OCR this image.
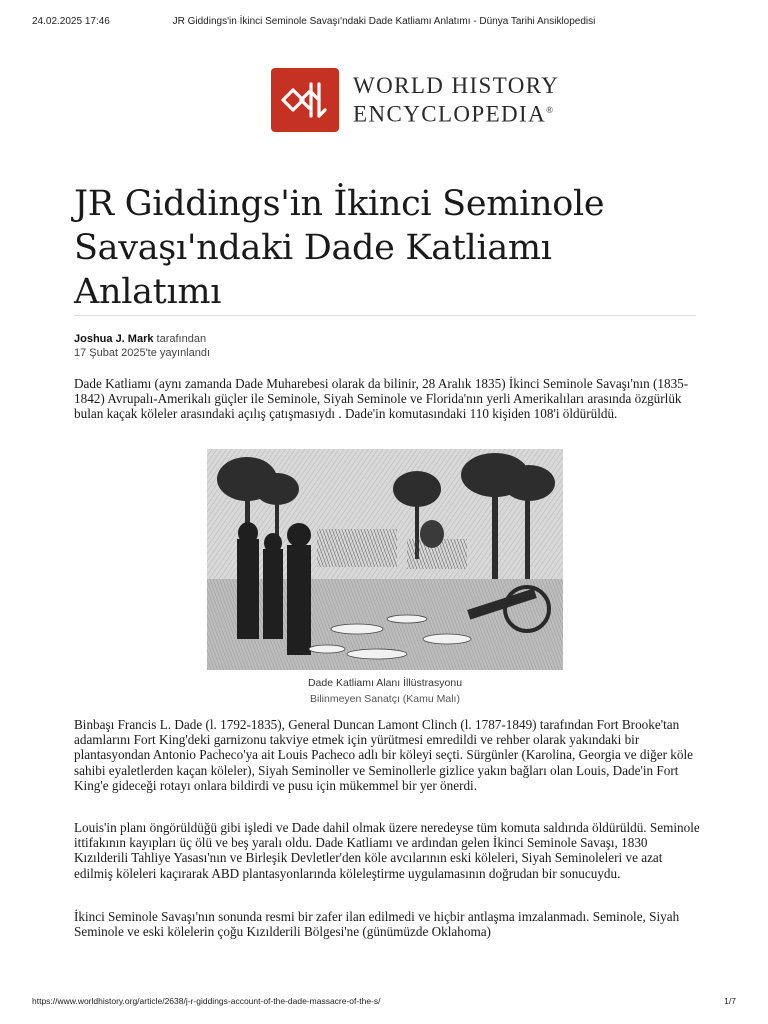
24.02.2025 17:46	JR Giddings'in İkinci Seminole Savaşı'ndaki Dade Katliamı Anlatımı - Dünya Tarihi Ansiklopedisi
WORLD HISTORY
ENCYCLOPEDIA®
JR Giddings'in İkinci Seminole Savaşı'ndaki Dade Katliamı Anlatımı
Joshua J. Mark tarafından
17 Şubat 2025'te yayınlandı

Dade Katliamı (aynı zamanda Dade Muharebesi olarak da bilinir, 28 Aralık 1835) İkinci Seminole Savaşı'nın (1835-1842) Avrupalı-Amerikalı güçler ile Seminole, Siyah Seminole ve Florida'nın yerli Amerikalıları arasında özgürlük bulan kaçak köleler arasındaki açılış çatışmasıydı . Dade'in komutasındaki 110 kişiden 108'i öldürüldü.

Dade Katliamı Alanı İllüstrasyonu
Bilinmeyen Sanatçı (Kamu Malı)

Binbaşı Francis L. Dade (l. 1792-1835), General Duncan Lamont Clinch (l. 1787-1849) tarafından Fort Brooke'tan adamlarını Fort King'deki garnizonu takviye etmek için yürütmesi emredildi ve rehber olarak yakındaki bir plantasyondan Antonio Pacheco'ya ait Louis Pacheco adlı bir köleyi seçti. Sürgünler (Karolina, Georgia ve diğer köle sahibi eyaletlerden kaçan köleler), Siyah Seminoller ve Seminollerle gizlice yakın bağları olan Louis, Dade'in Fort King'e gideceği rotayı onlara bildirdi ve pusu için mükemmel bir yer önerdi.

Louis'in planı öngörüldüğü gibi işledi ve Dade dahil olmak üzere neredeyse tüm komuta saldırıda öldürüldü. Seminole ittifakının kayıpları üç ölü ve beş yaralı oldu. Dade Katliamı ve ardından gelen İkinci Seminole Savaşı, 1830 Kızılderili Tahliye Yasası'nın ve Birleşik Devletler'den köle avcılarının eski köleleri, Siyah Seminoleleri ve azat edilmiş köleleri kaçırarak ABD plantasyonlarında köleleştirme uygulamasının doğrudan bir sonucuydu.

İkinci Seminole Savaşı'nın sonunda resmi bir zafer ilan edilmedi ve hiçbir antlaşma imzalanmadı. Seminole, Siyah Seminole ve eski kölelerin çoğu Kızılderili Bölgesi'ne (günümüzde Oklahoma)

https://www.worldhistory.org/article/2638/j-r-giddings-account-of-the-dade-massacre-of-the-s/	1/7
